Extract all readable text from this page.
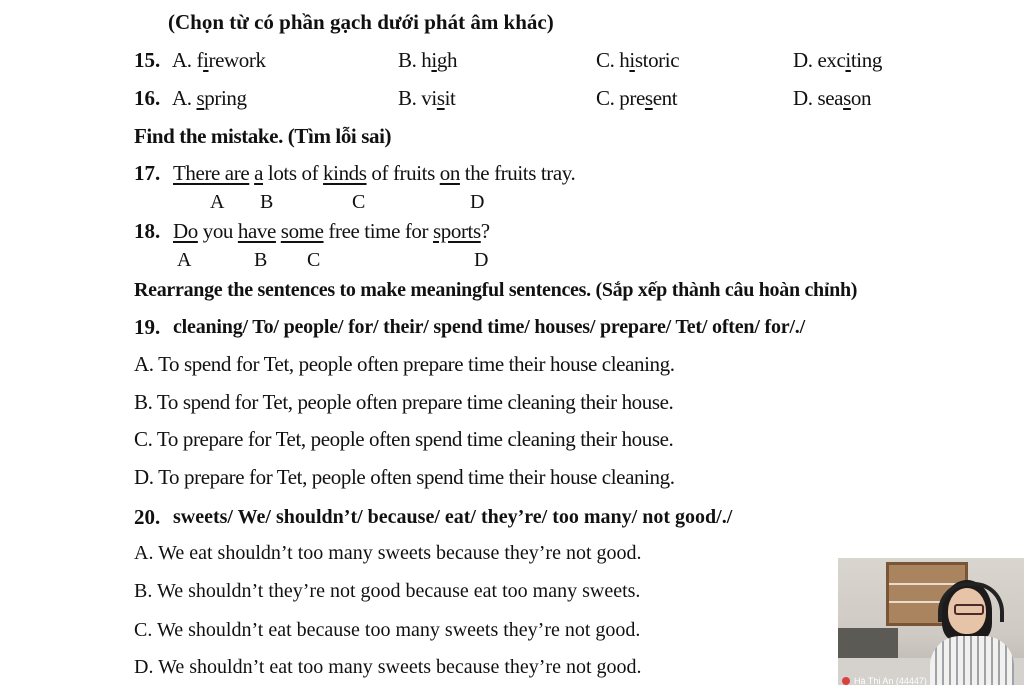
(Chọn từ có phần gạch dưới phát âm khác)
15. A. firework	B. high	C. historic	D. exciting
16. A. spring	B. visit	C. present	D. season
Find the mistake. (Tìm lỗi sai)
17. There are a lots of kinds of fruits on the fruits tray.
A B	C	D
18. Do you have some free time for sports?
A	B C	D
Rearrange the sentences to make meaningful sentences. (Sắp xếp thành câu hoàn chỉnh)
19. cleaning/ To/ people/ for/ their/ spend time/ houses/ prepare/ Tet/ often/ for/./
A. To spend for Tet, people often prepare time their house cleaning.
B. To spend for Tet, people often prepare time cleaning their house.
C. To prepare for Tet, people often spend time cleaning their house.
D. To prepare for Tet, people often spend time their house cleaning.
20. sweets/ We/ shouldn’t/ because/ eat/ they’re/ too many/ not good/./
A. We eat shouldn’t too many sweets because they’re not good.
B. We shouldn’t they’re not good because eat too many sweets.
C. We shouldn’t eat because too many sweets they’re not good.
D. We shouldn’t eat too many sweets because they’re not good.
Hà Thị An (44447)
